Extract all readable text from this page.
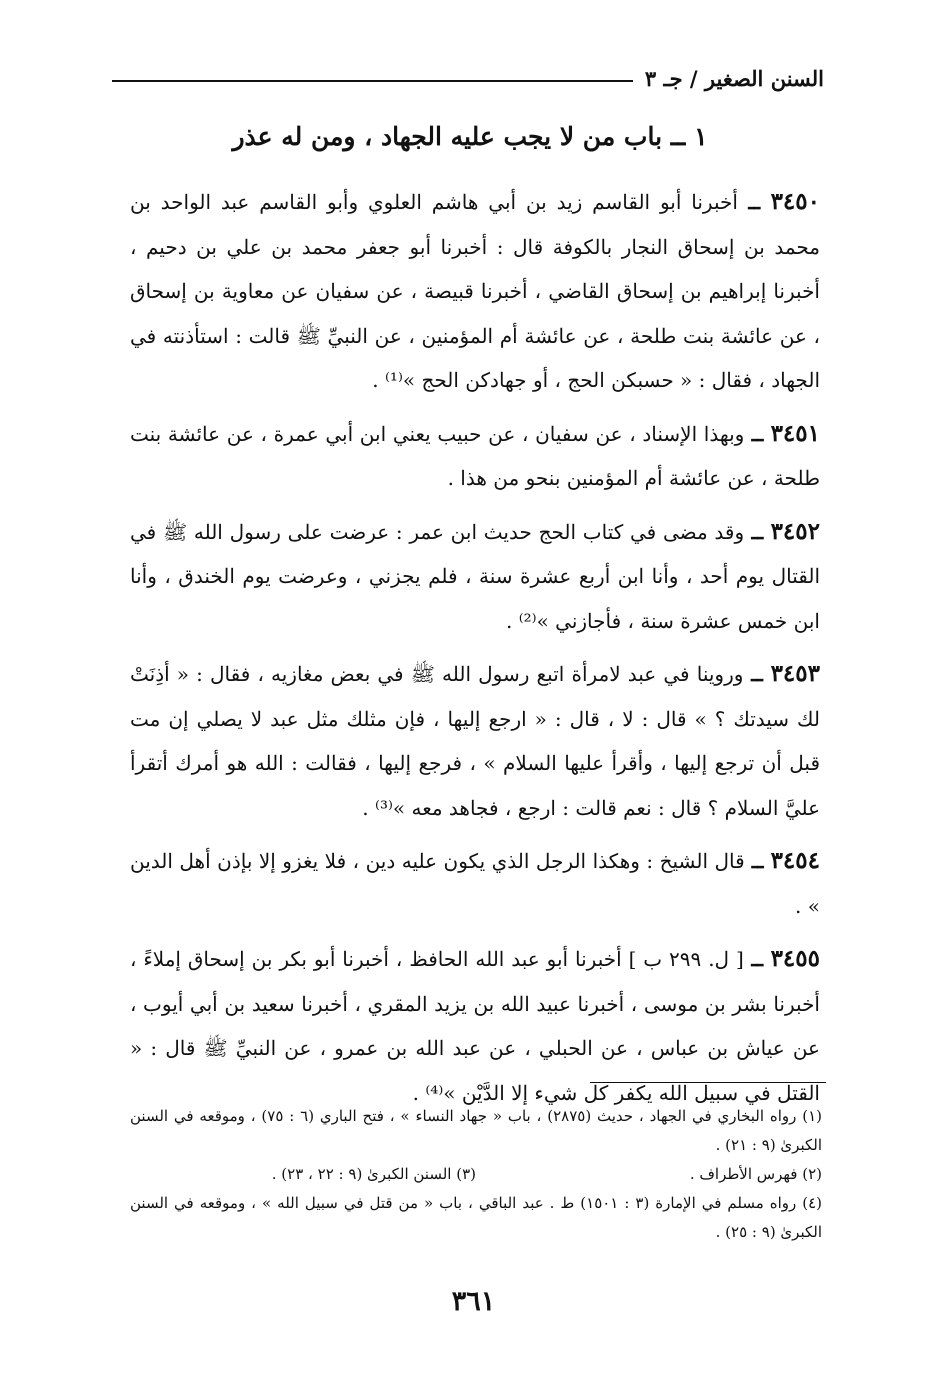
السنن الصغير / جـ ٣
١ ــ باب من لا يجب عليه الجهاد ، ومن له عذر

٣٤٥٠ ــ أخبرنا أبو القاسم زيد بن أبي هاشم العلوي وأبو القاسم عبد الواحد بن محمد بن إسحاق النجار بالكوفة قال : أخبرنا أبو جعفر محمد بن علي بن دحيم ، أخبرنا إبراهيم بن إسحاق القاضي ، أخبرنا قبيصة ، عن سفيان عن معاوية بن إسحاق ، عن عائشة بنت طلحة ، عن عائشة أم المؤمنين ، عن النبيِّ ﷺ قالت : استأذنته في الجهاد ، فقال : « حسبكن الحج ، أو جهادكن الحج »⁽¹⁾ .

٣٤٥١ ــ وبهذا الإسناد ، عن سفيان ، عن حبيب يعني ابن أبي عمرة ، عن عائشة بنت طلحة ، عن عائشة أم المؤمنين بنحو من هذا .

٣٤٥٢ ــ وقد مضى في كتاب الحج حديث ابن عمر : عرضت على رسول الله ﷺ في القتال يوم أحد ، وأنا ابن أربع عشرة سنة ، فلم يجزني ، وعرضت يوم الخندق ، وأنا ابن خمس عشرة سنة ، فأجازني »⁽²⁾ .

٣٤٥٣ ــ وروينا في عبد لامرأة اتبع رسول الله ﷺ في بعض مغازيه ، فقال : « أذِنَتْ لك سيدتك ؟ » قال : لا ، قال : « ارجع إليها ، فإن مثلك مثل عبد لا يصلي إن مت قبل أن ترجع إليها ، وأقرأ عليها السلام » ، فرجع إليها ، فقالت : الله هو أمرك أتقرأ عليَّ السلام ؟ قال : نعم قالت : ارجع ، فجاهد معه »⁽³⁾ .

٣٤٥٤ ــ قال الشيخ : وهكذا الرجل الذي يكون عليه دين ، فلا يغزو إلا بإذن أهل الدين » .

٣٤٥٥ ــ [ ل. ٢٩٩ ب ] أخبرنا أبو عبد الله الحافظ ، أخبرنا أبو بكر بن إسحاق إملاءً ، أخبرنا بشر بن موسى ، أخبرنا عبيد الله بن يزيد المقري ، أخبرنا سعيد بن أبي أيوب ، عن عياش بن عباس ، عن الحبلي ، عن عبد الله بن عمرو ، عن النبيِّ ﷺ قال : « القتل في سبيل الله يكفر كل شيء إلا الدَّيْن »⁽⁴⁾ .

(١) رواه البخاري في الجهاد ، حديث (٢٨٧٥) ، باب « جهاد النساء » ، فتح الباري (٦ : ٧٥) ، وموقعه في السنن الكبرىٰ (٩ : ٢١) .

(٢) فهرس الأطراف .

(٣) السنن الكبرىٰ (٩ : ٢٢ ، ٢٣) .

(٤) رواه مسلم في الإمارة (٣ : ١٥٠١) ط . عبد الباقي ، باب « من قتل في سبيل الله » ، وموقعه في السنن الكبرىٰ (٩ : ٢٥) .

٣٦١
